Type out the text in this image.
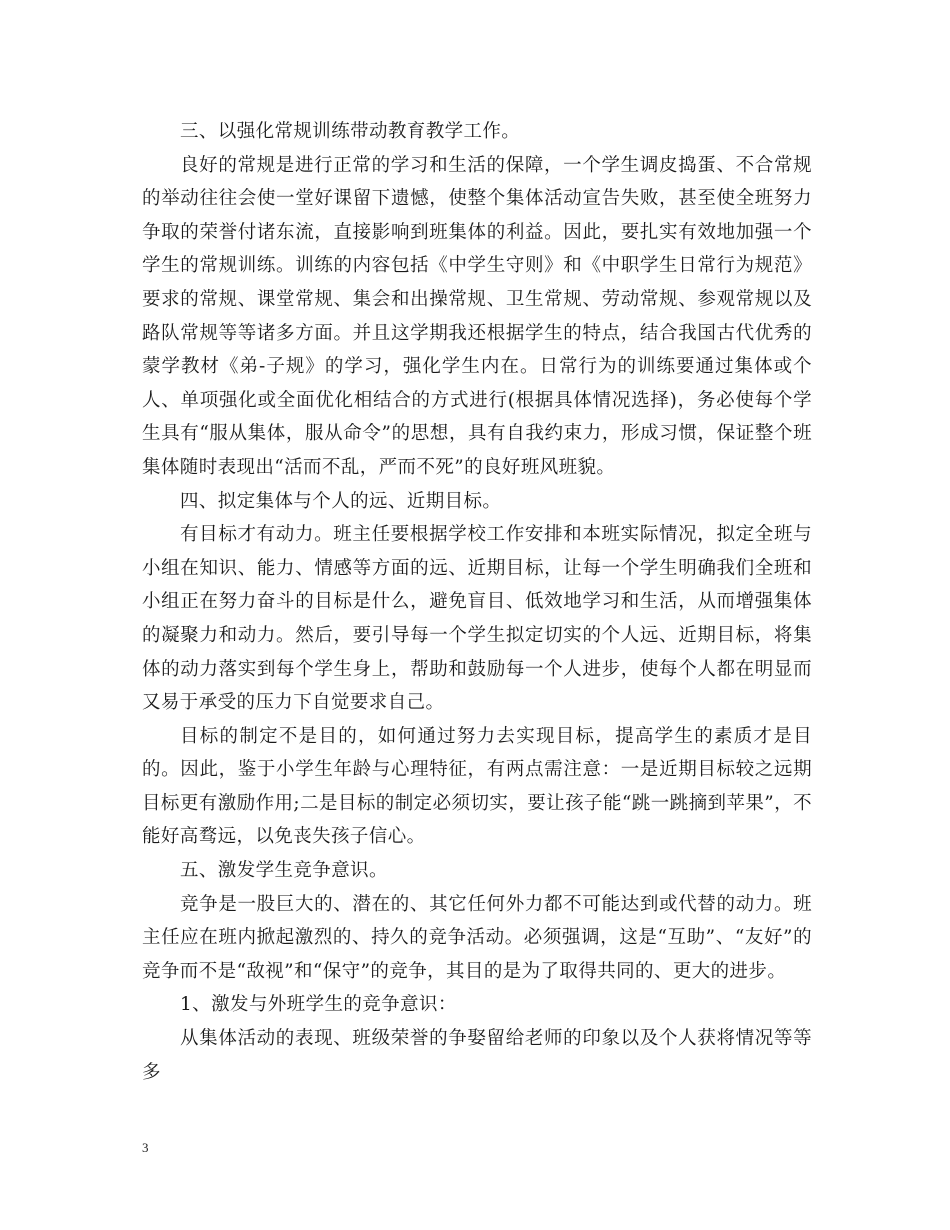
三、以强化常规训练带动教育教学工作。

良好的常规是进行正常的学习和生活的保障，一个学生调皮捣蛋、不合常规的举动往往会使一堂好课留下遗憾，使整个集体活动宣告失败，甚至使全班努力争取的荣誉付诸东流，直接影响到班集体的利益。因此，要扎实有效地加强一个学生的常规训练。训练的内容包括《中学生守则》和《中职学生日常行为规范》要求的常规、课堂常规、集会和出操常规、卫生常规、劳动常规、参观常规以及路队常规等等诸多方面。并且这学期我还根据学生的特点，结合我国古代优秀的蒙学教材《弟-子规》的学习，强化学生内在。日常行为的训练要通过集体或个人、单项强化或全面优化相结合的方式进行(根据具体情况选择)，务必使每个学生具有“服从集体，服从命令”的思想，具有自我约束力，形成习惯，保证整个班集体随时表现出“活而不乱，严而不死”的良好班风班貌。

四、拟定集体与个人的远、近期目标。

有目标才有动力。班主任要根据学校工作安排和本班实际情况，拟定全班与小组在知识、能力、情感等方面的远、近期目标，让每一个学生明确我们全班和小组正在努力奋斗的目标是什么，避免盲目、低效地学习和生活，从而增强集体的凝聚力和动力。然后，要引导每一个学生拟定切实的个人远、近期目标，将集体的动力落实到每个学生身上，帮助和鼓励每一个人进步，使每个人都在明显而又易于承受的压力下自觉要求自己。

目标的制定不是目的，如何通过努力去实现目标，提高学生的素质才是目的。因此，鉴于小学生年龄与心理特征，有两点需注意：一是近期目标较之远期目标更有激励作用;二是目标的制定必须切实，要让孩子能“跳一跳摘到苹果”，不能好高骛远，以免丧失孩子信心。

五、激发学生竞争意识。

竞争是一股巨大的、潜在的、其它任何外力都不可能达到或代替的动力。班主任应在班内掀起激烈的、持久的竞争活动。必须强调，这是“互助”、“友好”的竞争而不是“敌视”和“保守”的竞争，其目的是为了取得共同的、更大的进步。

1、激发与外班学生的竞争意识：

从集体活动的表现、班级荣誉的争娶留给老师的印象以及个人获将情况等等多

3
